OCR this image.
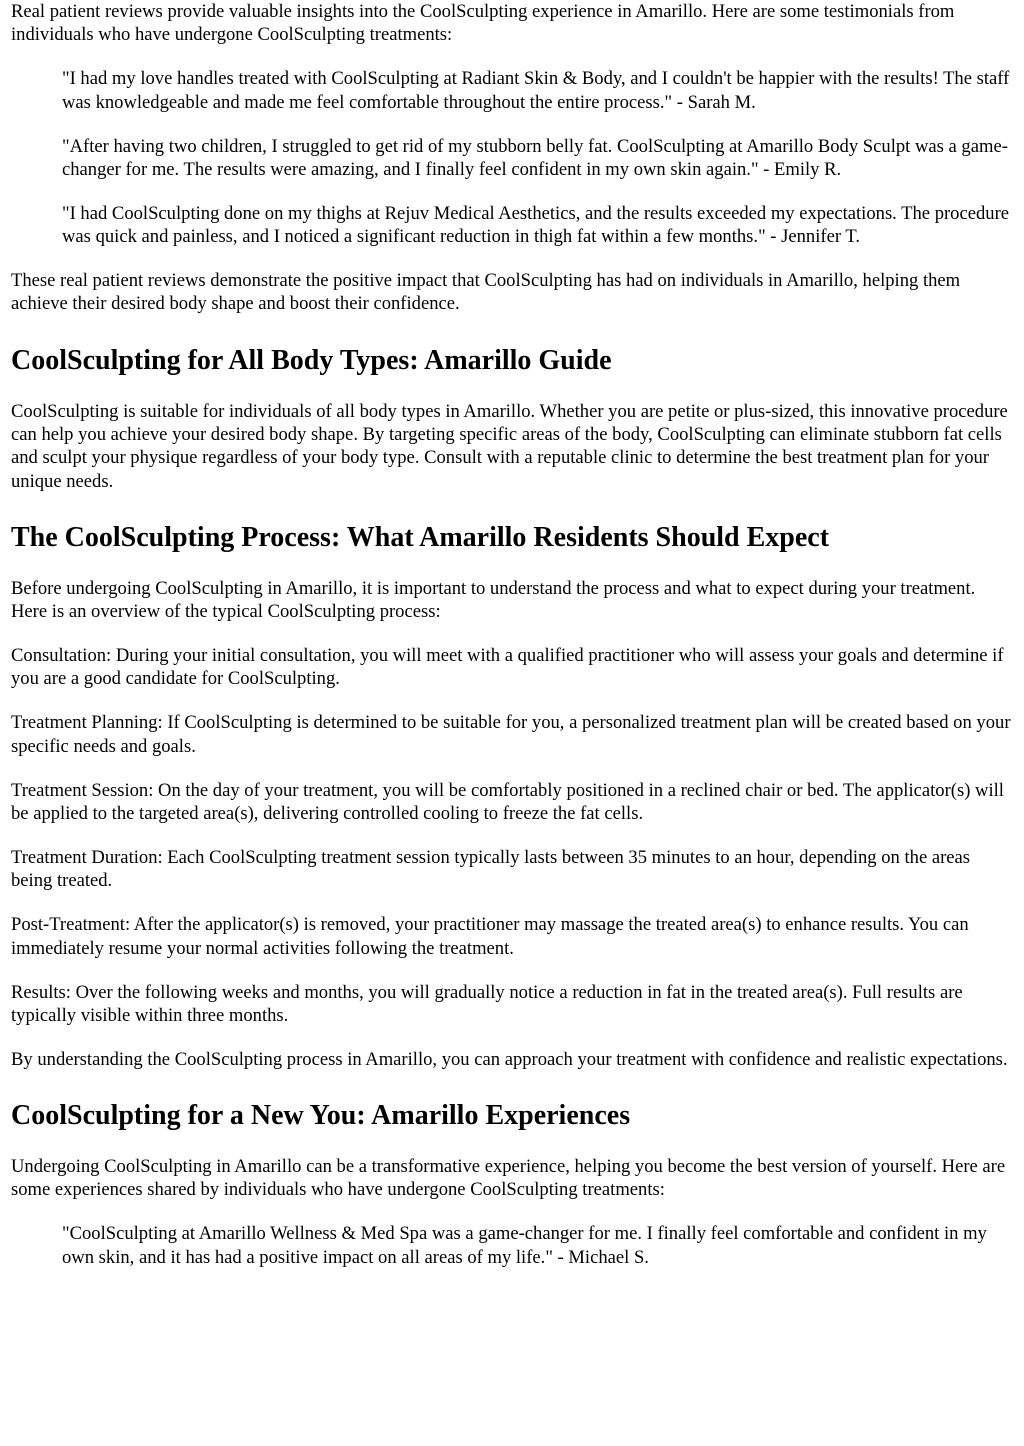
Real patient reviews provide valuable insights into the CoolSculpting experience in Amarillo. Here are some testimonials from individuals who have undergone CoolSculpting treatments:

"I had my love handles treated with CoolSculpting at Radiant Skin & Body, and I couldn't be happier with the results! The staff was knowledgeable and made me feel comfortable throughout the entire process." - Sarah M.

"After having two children, I struggled to get rid of my stubborn belly fat. CoolSculpting at Amarillo Body Sculpt was a game-changer for me. The results were amazing, and I finally feel confident in my own skin again." - Emily R.

"I had CoolSculpting done on my thighs at Rejuv Medical Aesthetics, and the results exceeded my expectations. The procedure was quick and painless, and I noticed a significant reduction in thigh fat within a few months." - Jennifer T.

These real patient reviews demonstrate the positive impact that CoolSculpting has had on individuals in Amarillo, helping them achieve their desired body shape and boost their confidence.

CoolSculpting for All Body Types: Amarillo Guide

CoolSculpting is suitable for individuals of all body types in Amarillo. Whether you are petite or plus-sized, this innovative procedure can help you achieve your desired body shape. By targeting specific areas of the body, CoolSculpting can eliminate stubborn fat cells and sculpt your physique regardless of your body type. Consult with a reputable clinic to determine the best treatment plan for your unique needs.

The CoolSculpting Process: What Amarillo Residents Should Expect

Before undergoing CoolSculpting in Amarillo, it is important to understand the process and what to expect during your treatment. Here is an overview of the typical CoolSculpting process:

Consultation: During your initial consultation, you will meet with a qualified practitioner who will assess your goals and determine if you are a good candidate for CoolSculpting.

Treatment Planning: If CoolSculpting is determined to be suitable for you, a personalized treatment plan will be created based on your specific needs and goals.

Treatment Session: On the day of your treatment, you will be comfortably positioned in a reclined chair or bed. The applicator(s) will be applied to the targeted area(s), delivering controlled cooling to freeze the fat cells.

Treatment Duration: Each CoolSculpting treatment session typically lasts between 35 minutes to an hour, depending on the areas being treated.

Post-Treatment: After the applicator(s) is removed, your practitioner may massage the treated area(s) to enhance results. You can immediately resume your normal activities following the treatment.

Results: Over the following weeks and months, you will gradually notice a reduction in fat in the treated area(s). Full results are typically visible within three months.

By understanding the CoolSculpting process in Amarillo, you can approach your treatment with confidence and realistic expectations.

CoolSculpting for a New You: Amarillo Experiences

Undergoing CoolSculpting in Amarillo can be a transformative experience, helping you become the best version of yourself. Here are some experiences shared by individuals who have undergone CoolSculpting treatments:

"CoolSculpting at Amarillo Wellness & Med Spa was a game-changer for me. I finally feel comfortable and confident in my own skin, and it has had a positive impact on all areas of my life." - Michael S.
